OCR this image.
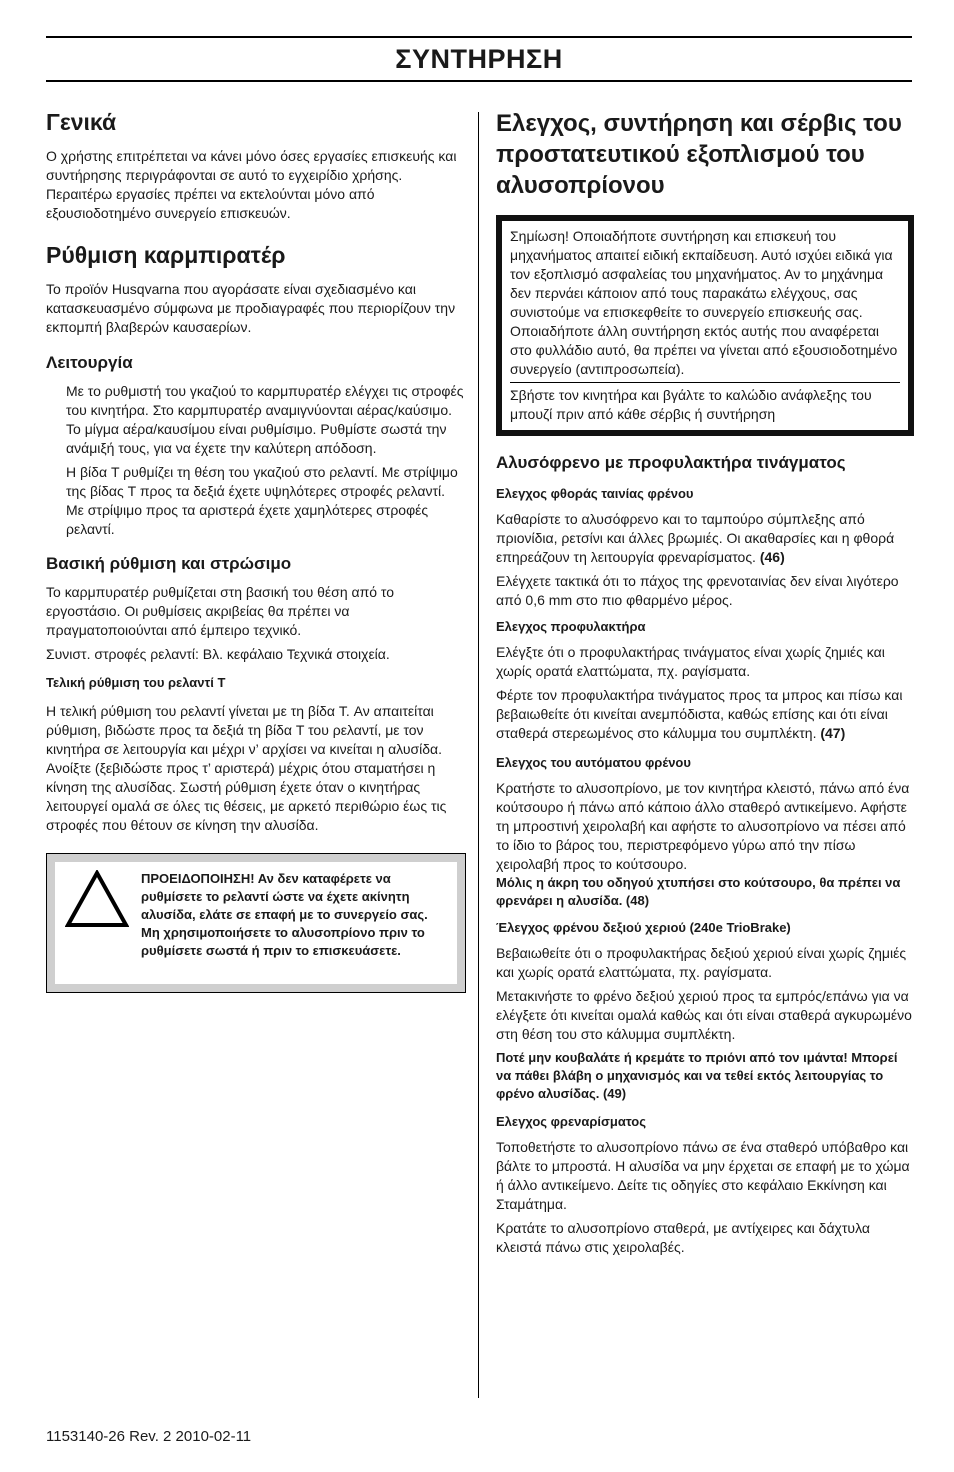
ΣΥΝΤΗΡΗΣΗ
Γενικά

Ο χρήστης επιτρέπεται να κάνει μόνο όσες εργασίες επισκευής και συντήρησης περιγράφονται σε αυτό το εγχειρίδιο χρήσης. Περαιτέρω εργασίες πρέπει να εκτελούνται μόνο από εξουσιοδοτημένο συνεργείο επισκευών.

Ρύθμιση καρμπιρατέρ

Το προϊόν Husqvarna που αγοράσατε είναι σχεδιασμένο και κατασκευασμένο σύμφωνα με προδιαγραφές που περιορίζουν την εκπομπή βλαβερών καυσαερίων.

Λειτουργία

Με το ρυθμιστή του γκαζιού το καρμπυρατέρ ελέγχει τις στροφές του κινητήρα. Στο καρμπυρατέρ αναμιγνύονται αέρας/καύσιμο. Το μίγμα αέρα/καυσίμου είναι ρυθμίσιμο. Ρυθμίστε σωστά την ανάμιξή τους, για να έχετε την καλύτερη απόδοση.

Η βίδα T ρυθμίζει τη θέση του γκαζιού στο ρελαντί. Με στρίψιμο της βίδας T προς τα δεξιά έχετε υψηλότερες στροφές ρελαντί. Με στρίψιμο προς τα αριστερά έχετε χαμηλότερες στροφές ρελαντί.

Βασική ρύθμιση και στρώσιμο

Το καρμπυρατέρ ρυθμίζεται στη βασική του θέση από το εργοστάσιο. Οι ρυθμίσεις ακριβείας θα πρέπει να πραγματοποιούνται από έμπειρο τεχνικό.

Συνιστ. στροφές ρελαντί: Βλ. κεφάλαιο Τεχνικά στοιχεία.

Τελική ρύθμιση του ρελαντί T

Η τελική ρύθμιση του ρελαντί γίνεται με τη βίδα T. Αν απαιτείται ρύθμιση, βιδώστε προς τα δεξιά τη βίδα T του ρελαντί, με τον κινητήρα σε λειτουργία και μέχρι ν’ αρχίσει να κινείται η αλυσίδα. Ανοίξτε (ξεβιδώστε προς τ’ αριστερά) μέχρις ότου σταματήσει η κίνηση της αλυσίδας. Σωστή ρύθμιση έχετε όταν ο κινητήρας λειτουργεί ομαλά σε όλες τις θέσεις, με αρκετό περιθώριο έως τις στροφές που θέτουν σε κίνηση την αλυσίδα.

ΠΡΟΕΙΔΟΠΟΙΗΣΗ! Αν δεν καταφέρετε να ρυθμίσετε το ρελαντί ώστε να έχετε ακίνητη αλυσίδα, ελάτε σε επαφή με το συνεργείο σας. Μη χρησιμοποιήσετε το αλυσοπρίονο πριν το ρυθμίσετε σωστά ή πριν το επισκευάσετε.
Ελεγχος, συντήρηση και σέρβις του προστατευτικού εξοπλισμού του αλυσοπρίονου

Σημίωση! Οποιαδήποτε συντήρηση και επισκευή του μηχανήματος απαιτεί ειδική εκπαίδευση. Αυτό ισχύει ειδικά για τον εξοπλισμό ασφαλείας του μηχανήματος. Αν το μηχάνημα δεν περνάει κάποιον από τους παρακάτω ελέγχους, σας συνιστούμε να επισκεφθείτε το συνεργείο επισκευής σας. Οποιαδήποτε άλλη συντήρηση εκτός αυτής που αναφέρεται στο φυλλάδιο αυτό, θα πρέπει να γίνεται από εξουσιοδοτημένο συνεργείο (αντιπροσωπεία).

Σβήστε τον κινητήρα και βγάλτε το καλώδιο ανάφλεξης του μπουζί πριν από κάθε σέρβις ή συντήρηση

Αλυσόφρενο με προφυλακτήρα τινάγματος
Ελεγχος φθοράς ταινίας φρένου

Καθαρίστε το αλυσόφρενο και το ταμπούρο σύμπλεξης από πριονίδια, ρετσίνι και άλλες βρωμιές. Οι ακαθαρσίες και η φθορά επηρεάζουν τη λειτουργία φρεναρίσματος. (46)

Ελέγχετε τακτικά ότι το πάχος της φρενοταινίας δεν είναι λιγότερο από 0,6 mm στο πιο φθαρμένο μέρος.

Ελεγχος προφυλακτήρα

Ελέγξτε ότι ο προφυλακτήρας τινάγματος είναι χωρίς ζημιές και χωρίς ορατά ελαττώματα, πχ. ραγίσματα.

Φέρτε τον προφυλακτήρα τινάγματος προς τα μπρος και πίσω και βεβαιωθείτε ότι κινείται ανεμπόδιστα, καθώς επίσης και ότι είναι σταθερά στερεωμένος στο κάλυμμα του συμπλέκτη. (47)

Ελεγχος του αυτόματου φρένου

Κρατήστε το αλυσοπρίονο, με τον κινητήρα κλειστό, πάνω από ένα κούτσουρο ή πάνω από κάποιο άλλο σταθερό αντικείμενο. Αφήστε τη μπροστινή χειρολαβή και αφήστε το αλυσοπρίονο να πέσει από το ίδιο το βάρος του, περιστρεφόμενο γύρω από την πίσω χειρολαβή προς το κούτσουρο.

Μόλις η άκρη του οδηγού χτυπήσει στο κούτσουρο, θα πρέπει να φρενάρει η αλυσίδα. (48)

Έλεγχος φρένου δεξιού χεριού (240e TrioBrake)

Βεβαιωθείτε ότι ο προφυλακτήρας δεξιού χεριού είναι χωρίς ζημιές και χωρίς ορατά ελαττώματα, πχ. ραγίσματα.

Μετακινήστε το φρένο δεξιού χεριού προς τα εμπρός/επάνω για να ελέγξετε ότι κινείται ομαλά καθώς και ότι είναι σταθερά αγκυρωμένο στη θέση του στο κάλυμμα συμπλέκτη.

Ποτέ μην κουβαλάτε ή κρεμάτε το πριόνι από τον ιμάντα! Μπορεί να πάθει βλάβη ο μηχανισμός και να τεθεί εκτός λειτουργίας το φρένο αλυσίδας. (49)

Ελεγχος φρεναρίσματος

Τοποθετήστε το αλυσοπρίονο πάνω σε ένα σταθερό υπόβαθρο και βάλτε το μπροστά. Η αλυσίδα να μην έρχεται σε επαφή με το χώμα ή άλλο αντικείμενο. Δείτε τις οδηγίες στο κεφάλαιο Εκκίνηση και Σταμάτημα.

Κρατάτε το αλυσοπρίονο σταθερά, με αντίχειρες και δάχτυλα κλειστά πάνω στις χειρολαβές.

1153140-26 Rev. 2 2010-02-11
